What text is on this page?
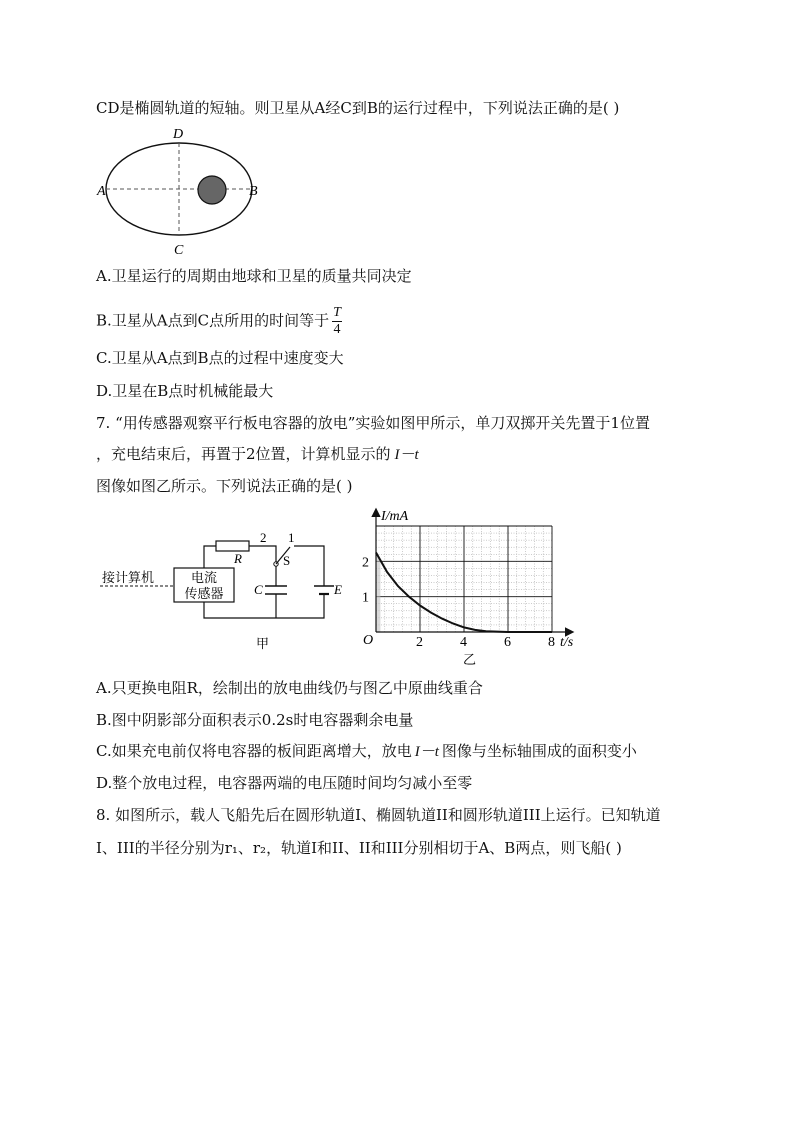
CD是椭圆轨道的短轴。则卫星从A经C到B的运行过程中，下列说法正确的是( )
A	B
D
C
A.卫星运行的周期由地球和卫星的质量共同决定
B.卫星从A点到C点所用的时间等于 $\frac{T}{4}$
C.卫星从A点到B点的过程中速度变大
D.卫星在B点时机械能最大
7. “用传感器观察平行板电容器的放电”实验如图甲所示，单刀双掷开关先置于1位置
，充电结束后，再置于2位置，计算机显示的 I－t
图像如图乙所示。下列说法正确的是( )
电流
传感器
接计算机
R
2 1
S
C	E
甲	2	4	6	8
1
2
I/mA
t/s
O
乙
A.只更换电阻R，绘制出的放电曲线仍与图乙中原曲线重合
B.图中阴影部分面积表示0.2s时电容器剩余电量
C.如果充电前仅将电容器的板间距离增大，放电 I－t 图像与坐标轴围成的面积变小
D.整个放电过程，电容器两端的电压随时间均匀减小至零
8. 如图所示，载人飞船先后在圆形轨道I、椭圆轨道II和圆形轨道III上运行。已知轨道
I、III的半径分别为r₁、r₂，轨道I和II、II和III分别相切于A、B两点，则飞船( )
